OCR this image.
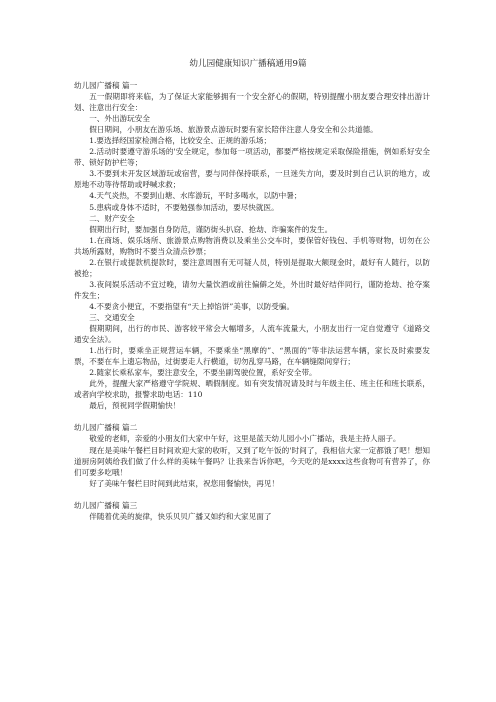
幼儿园健康知识广播稿通用9篇

幼儿园广播稿 篇一

五一假期即将来临，为了保证大家能够拥有一个安全舒心的假期，特别提醒小朋友要合理安排出游计划、注意出行安全：

一、外出游玩安全

假日期间，小朋友在游乐场、旅游景点游玩时要有家长陪伴注意人身安全和公共道德。

1.要选择经国家检测合格，比较安全、正规的游乐场；

2.活动时要遵守游乐场的'安全规定，参加每一项活动，都要严格按规定采取保险措施，例如系好安全带、锁好防护栏等；

3.不要到未开发区域游玩或宿营，要与同伴保持联系，一旦迷失方向，要及时到自己认识的地方，或原地不动等待帮助或呼喊求救；

4.天气炎热，不要到山塘、水库游玩，平时多喝水，以防中暑；

5.患病或身体不适时，不要勉强参加活动，要尽快就医。

二、财产安全

假期出行时，要加强自身防范，谨防街头扒窃、抢劫、诈骗案件的发生。

1.在商场、娱乐场所、旅游景点购物消费以及乘坐公交车时，要保管好钱包、手机等财物，切勿在公共场所露财，购物时不要当众清点钞票；

2.在银行或提款机提款时，要注意周围有无可疑人员，特别是提取大额现金时，最好有人随行，以防被抢；

3.夜间娱乐活动不宜过晚，请勿大量饮酒或前往偏僻之处，外出时最好结伴同行，谨防抢劫、抢夺案件发生；

4.不要贪小便宜，不要指望有“天上掉馅饼”美事，以防受骗。

三、交通安全

假期期间，出行的市民、游客较平常会大幅增多，人流车流量大，小朋友出行一定自觉遵守《道路交通安全法》。

1.出行时，要乘坐正规营运车辆，不要乘坐“黑摩的”、“黑面的”等非法运营车辆，家长及时索要发票，不要在车上遗忘物品，过街要走人行横道，切勿乱穿马路，在车辆缝隙间穿行；

2.随家长乘私家车，要注意安全，不要坐副驾驶位置，系好安全带。

此外，提醒大家严格遵守学院规、晒假制度。如有突发情况请及时与年级主任、班主任和班长联系，或者向学校求助，报警求助电话：110

最后，预祝同学假期愉快！

幼儿园广播稿 篇二

敬爱的老师，亲爱的小朋友们大家中午好，这里是蓝天幼儿园小小广播站，我是主持人丽子。

现在是美味午餐栏目时间欢迎大家的收听，又到了吃午饭的'时间了，我相信大家一定都饿了吧！想知道厨房阿姨给我们做了什么样的美味午餐吗？让我来告诉你吧，今天吃的是xxxx这些食物可有营养了，你们可要多吃哦！

好了美味午餐栏目时间到此结束，祝您用餐愉快，再见！

幼儿园广播稿 篇三

伴随着优美的旋律，快乐贝贝广播又如约和大家见面了
